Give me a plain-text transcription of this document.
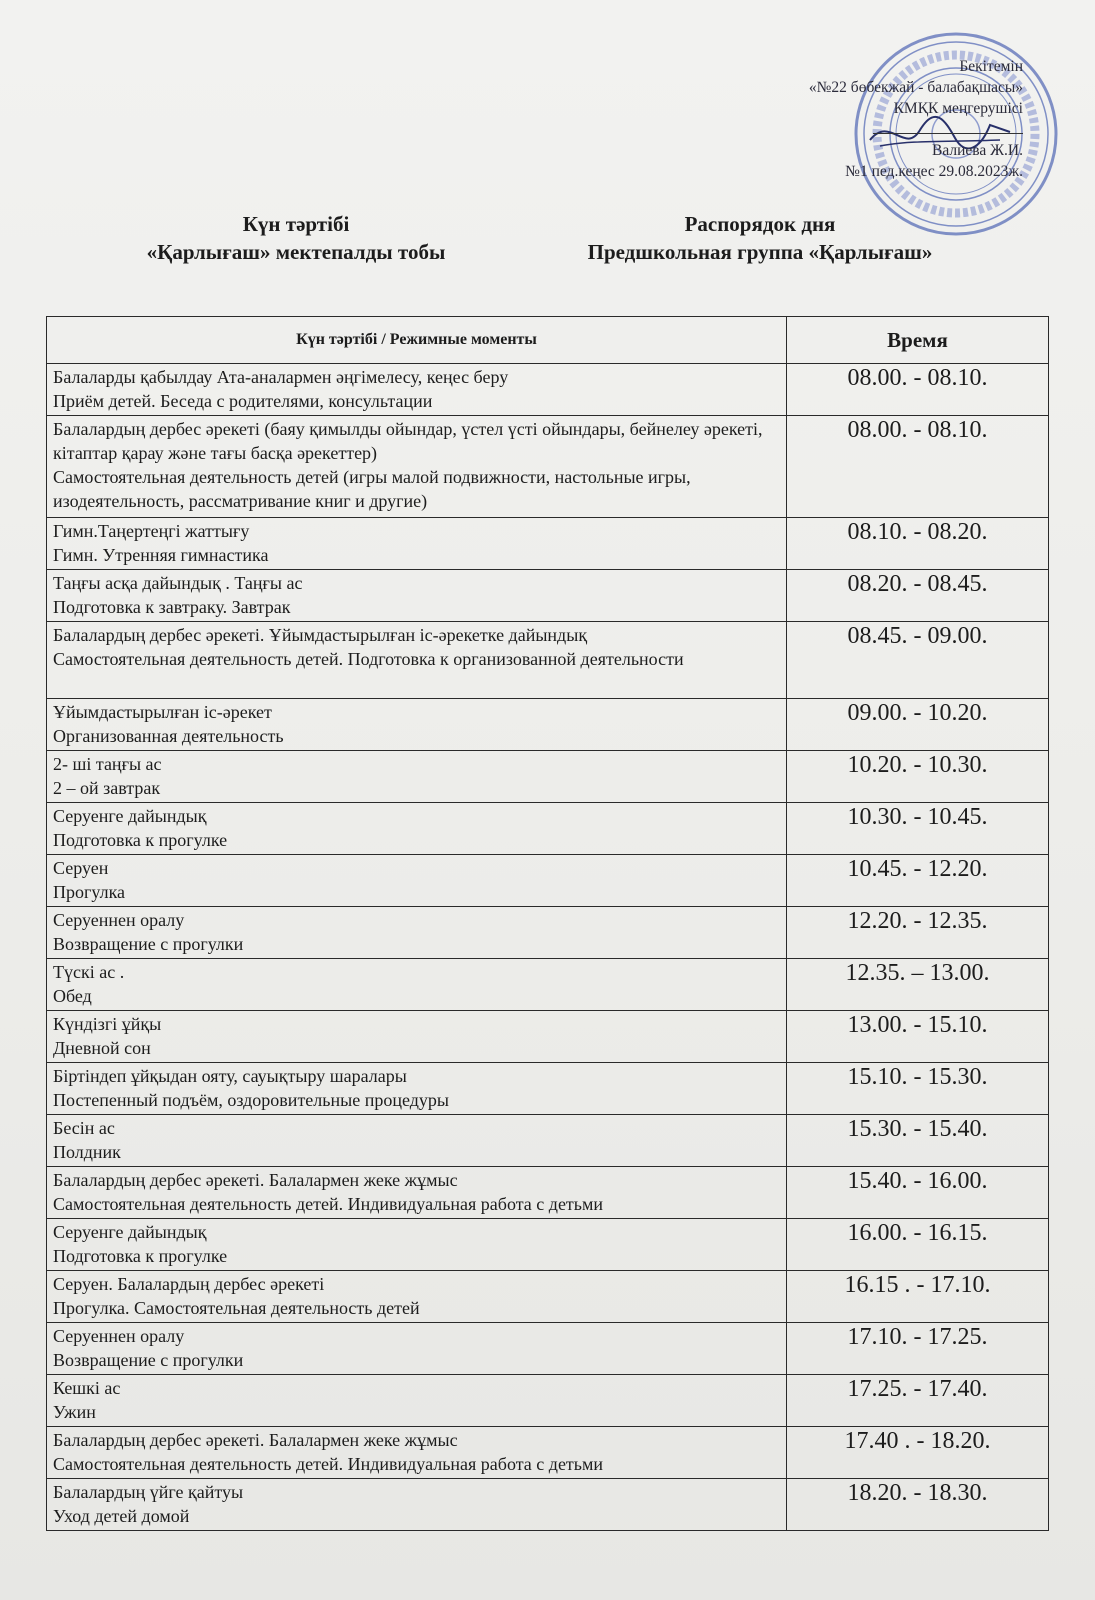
Бекітемін
«№22 бөбекжай - балабақшасы»
КМҚК меңгерушісі
Валиева Ж.И.
№1 пед.кеңес 29.08.2023ж.
Күн тәртібі
«Қарлығаш» мектепалды тобы
Распорядок дня
Предшкольная группа «Қарлығаш»
Күн тәртібі / Режимные моменты	Время

Балаларды қабылдау Ата-аналармен әңгімелесу, кеңес беру
Приём детей. Беседа с родителями, консультации	08.00. - 08.10.

Балалардың дербес әрекеті (баяу қимылды ойындар, үстел үсті ойындары, бейнелеу әрекеті, кітаптар қарау және тағы басқа әрекеттер)
Самостоятельная деятельность детей (игры малой подвижности, настольные игры, изодеятельность, рассматривание книг и другие)	08.00. - 08.10.

Гимн.Таңертеңгі жаттығу
Гимн. Утренняя гимнастика	08.10. - 08.20.

Таңғы асқа дайындық . Таңғы ас
Подготовка к завтраку. Завтрак	08.20. - 08.45.

Балалардың дербес әрекеті. Ұйымдастырылған іс-әрекетке дайындық
Самостоятельная деятельность детей. Подготовка к организованной деятельности	08.45. - 09.00.

Ұйымдастырылған іс-әрекет
Организованная деятельность	09.00. - 10.20.

2- ші таңғы ас
2 – ой завтрак	10.20. - 10.30.

Серуенге дайындық
Подготовка к прогулке	10.30. - 10.45.

Серуен
Прогулка	10.45. - 12.20.

Серуеннен оралу
Возвращение с прогулки	12.20. - 12.35.

Түскі ас .
Обед	12.35. – 13.00.

Күндізгі ұйқы
Дневной сон	13.00. - 15.10.

Біртіндеп ұйқыдан ояту, сауықтыру шаралары
Постепенный подъём, оздоровительные процедуры	15.10. - 15.30.

Бесін ас
Полдник	15.30. - 15.40.

Балалардың дербес әрекеті. Балалармен жеке жұмыс
Самостоятельная деятельность детей. Индивидуальная работа с детьми	15.40. - 16.00.

Серуенге дайындық
Подготовка к прогулке	16.00. - 16.15.

Серуен. Балалардың дербес әрекеті
Прогулка. Самостоятельная деятельность детей	16.15 . - 17.10.

Серуеннен оралу
Возвращение с прогулки	17.10. - 17.25.

Кешкі ас
Ужин	17.25. - 17.40.

Балалардың дербес әрекеті. Балалармен жеке жұмыс
Самостоятельная деятельность детей. Индивидуальная работа с детьми	17.40 . - 18.20.

Балалардың үйге қайтуы
Уход детей домой	18.20. - 18.30.
